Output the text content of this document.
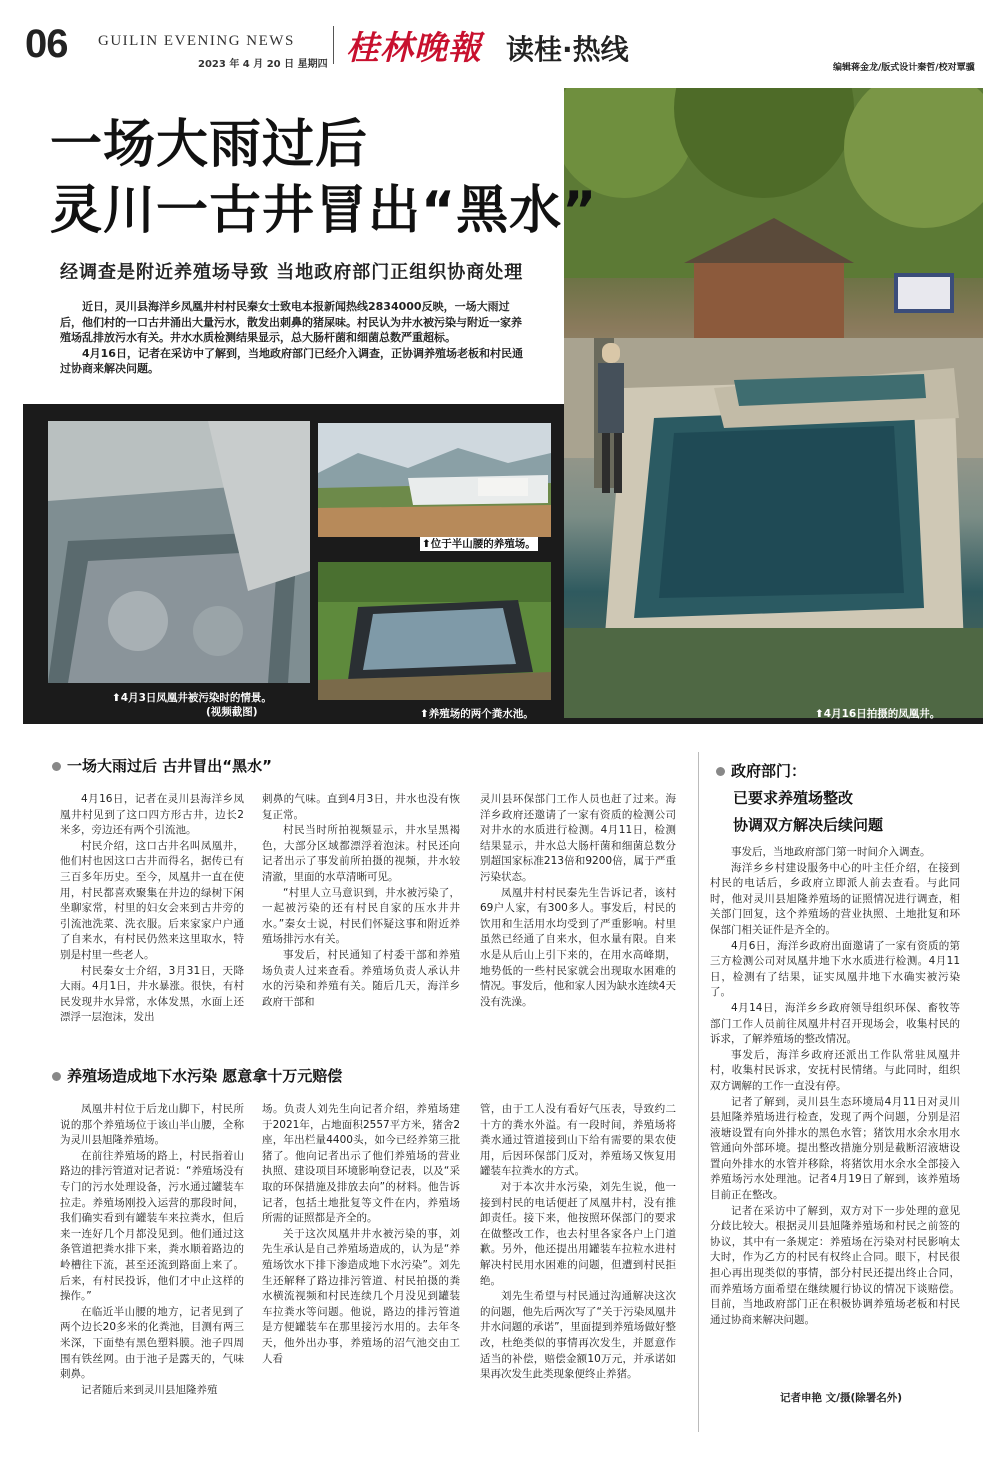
06 GUILIN EVENING NEWS
2023 年 4 月 20 日 星期四 桂林晚報 读桂·热线
编辑蒋金龙/版式设计秦哲/校对覃骥
⬆4月3日凤凰井被污染时的情景。
(视频截图)
⬆位于半山腰的养殖场。
⬆养殖场的两个粪水池。	⬆4月16日拍摄的凤凰井。
一场大雨过后
灵川一古井冒出“黑水”
经调查是附近养殖场导致 当地政府部门正组织协商处理

近日，灵川县海洋乡凤凰井村村民秦女士致电本报新闻热线2834000反映，一场大雨过后，他们村的一口古井涌出大量污水，散发出刺鼻的猪屎味。村民认为井水被污染与附近一家养殖场乱排放污水有关。井水水质检测结果显示，总大肠杆菌和细菌总数严重超标。

4月16日，记者在采访中了解到，当地政府部门已经介入调查，正协调养殖场老板和村民通过协商来解决问题。

一场大雨过后 古井冒出“黑水”

4月16日，记者在灵川县海洋乡凤凰井村见到了这口四方形古井，边长2米多，旁边还有两个引流池。

村民介绍，这口古井名叫凤凰井，他们村也因这口古井而得名，据传已有三百多年历史。至今，凤凰井一直在使用，村民都喜欢聚集在井边的绿树下闲坐聊家常，村里的妇女会来到古井旁的引流池洗菜、洗衣服。后来家家户户通了自来水，有村民仍然来这里取水，特别是村里一些老人。

村民秦女士介绍，3月31日，天降大雨。4月1日，井水暴涨。很快，有村民发现井水异常，水体发黑，水面上还漂浮一层泡沫，发出

刺鼻的气味。直到4月3日，井水也没有恢复正常。

村民当时所拍视频显示，井水呈黑褐色，大部分区域都漂浮着泡沫。村民还向记者出示了事发前所拍摄的视频，井水较清澈，里面的水草清晰可见。

“村里人立马意识到，井水被污染了，一起被污染的还有村民自家的压水井井水。”秦女士说，村民们怀疑这事和附近养殖场排污水有关。

事发后，村民通知了村委干部和养殖场负责人过来查看。养殖场负责人承认井水的污染和养殖有关。随后几天，海洋乡政府干部和

灵川县环保部门工作人员也赶了过来。海洋乡政府还邀请了一家有资质的检测公司对井水的水质进行检测。4月11日，检测结果显示，井水总大肠杆菌和细菌总数分别超国家标准213倍和9200倍，属于严重污染状态。

凤凰井村村民秦先生告诉记者，该村69户人家，有300多人。事发后，村民的饮用和生活用水均受到了严重影响。村里虽然已经通了自来水，但水量有限。自来水是从后山上引下来的，在用水高峰期，地势低的一些村民家就会出现取水困难的情况。事发后，他和家人因为缺水连续4天没有洗澡。

养殖场造成地下水污染 愿意拿十万元赔偿

凤凰井村位于后龙山脚下，村民所说的那个养殖场位于该山半山腰，全称为灵川县旭隆养殖场。

在前往养殖场的路上，村民指着山路边的排污管道对记者说：“养殖场没有专门的污水处理设备，污水通过罐装车拉走。养殖场刚投入运营的那段时间，我们确实看到有罐装车来拉粪水，但后来一连好几个月都没见到。他们通过这条管道把粪水排下来，粪水顺着路边的岭槽往下流，甚至还流到路面上来了。后来，有村民投诉，他们才中止这样的操作。”

在临近半山腰的地方，记者见到了两个边长20多米的化粪池，目测有两三米深，下面垫有黑色塑料膜。池子四周围有铁丝网。由于池子是露天的，气味刺鼻。

记者随后来到灵川县旭隆养殖

场。负责人刘先生向记者介绍，养殖场建于2021年，占地面积2557平方米，猪舍2座，年出栏量4400头，如今已经养第三批猪了。他向记者出示了他们养殖场的营业执照、建设项目环境影响登记表，以及“采取的环保措施及排放去向”的材料。他告诉记者，包括土地批复等文件在内，养殖场所需的证照都是齐全的。

关于这次凤凰井井水被污染的事，刘先生承认是自己养殖场造成的，认为是“养殖场饮水下排下渗造成地下水污染”。刘先生还解释了路边排污管道、村民拍摄的粪水横流视频和村民连续几个月没见到罐装车拉粪水等问题。他说，路边的排污管道是方便罐装车在那里接污水用的。去年冬天，他外出办事，养殖场的沼气池交由工人看

管，由于工人没有看好气压表，导致约二十方的粪水外溢。有一段时间，养殖场将粪水通过管道接到山下给有需要的果农使用，后因环保部门反对，养殖场又恢复用罐装车拉粪水的方式。

对于本次井水污染，刘先生说，他一接到村民的电话便赶了凤凰井村，没有推卸责任。接下来，他按照环保部门的要求在做整改工作，也去村里各家各户上门道歉。另外，他还提出用罐装车拉粒水进村解决村民用水困难的问题，但遭到村民拒绝。

刘先生希望与村民通过沟通解决这次的问题，他先后两次写了“关于污染凤凰井井水问题的承诺”，里面提到养殖场做好整改，杜绝类似的事情再次发生，并愿意作适当的补偿，赔偿金额10万元，并承诺如果再次发生此类现象便终止养猪。

政府部门：
已要求养殖场整改
协调双方解决后续问题

事发后，当地政府部门第一时间介入调查。

海洋乡乡村建设服务中心的叶主任介绍，在接到村民的电话后，乡政府立即派人前去查看。与此同时，他对灵川县旭隆养殖场的证照情况进行调查，相关部门回复，这个养殖场的营业执照、土地批复和环保部门相关证件是齐全的。

4月6日，海洋乡政府出面邀请了一家有资质的第三方检测公司对凤凰井地下水水质进行检测。4月11日，检测有了结果，证实凤凰井地下水确实被污染了。

4月14日，海洋乡乡政府领导组织环保、畜牧等部门工作人员前往凤凰井村召开现场会，收集村民的诉求，了解养殖场的整改情况。

事发后，海洋乡政府还派出工作队常驻凤凰井村，收集村民诉求，安抚村民情绪。与此同时，组织双方调解的工作一直没有停。

记者了解到，灵川县生态环境局4月11日对灵川县旭隆养殖场进行检查，发现了两个问题，分别是沼液塘设置有向外排水的黑色水管；猪饮用水余水用水管通向外部环境。提出整改措施分别是截断沼液塘设置向外排水的水管并移除，将猪饮用水余水全部接入养殖场污水处理池。记者4月19日了解到，该养殖场目前正在整改。

记者在采访中了解到，双方对下一步处理的意见分歧比较大。根据灵川县旭隆养殖场和村民之前签的协议，其中有一条规定：养殖场在污染对村民影响太大时，作为乙方的村民有权终止合同。眼下，村民很担心再出现类似的事情，部分村民还提出终止合同，而养殖场方面希望在继续履行协议的情况下谈赔偿。目前，当地政府部门正在积极协调养殖场老板和村民通过协商来解决问题。

记者申艳 文/摄(除署名外)
